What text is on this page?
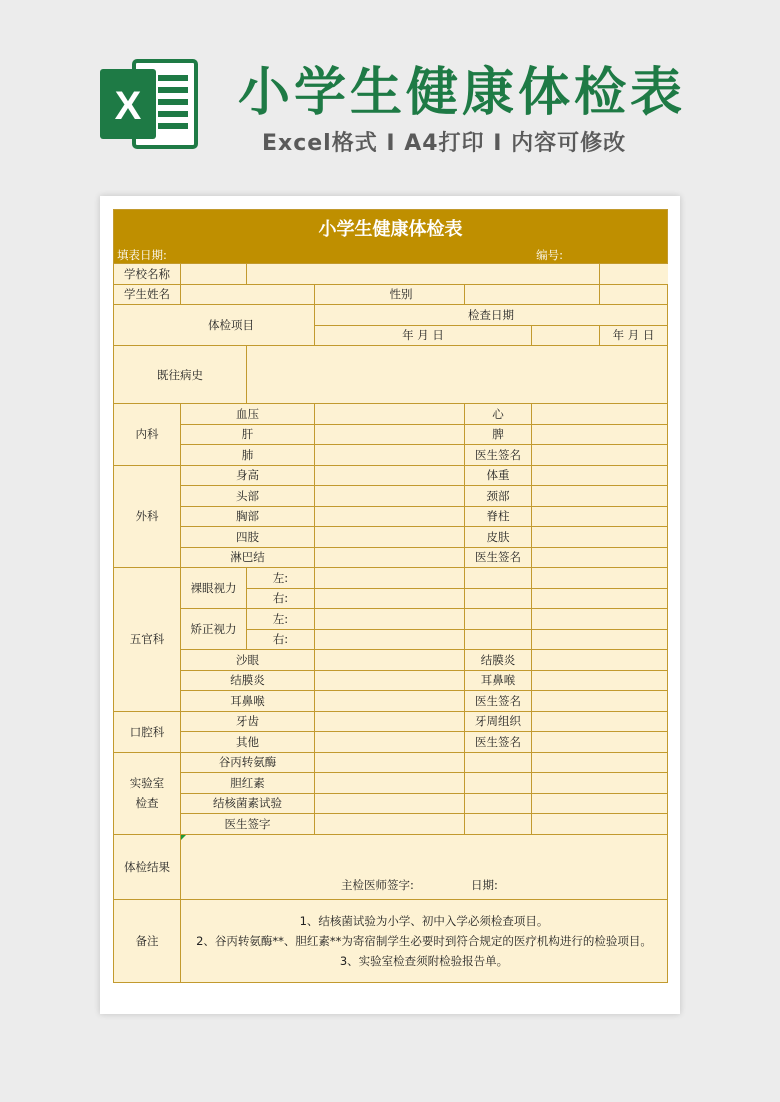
X 小学生健康体检表
Excel格式 I A4打印 I 内容可修改
小学生健康体检表						

填表日期: 编号:						

学校名称					
学生姓名			性别			
体检项目			检查日期			
			年 月 日			年 月 日
既往病史						
内科	血压			心		
	肝			脾		
	肺			医生签名		
外科	身高			体重		
	头部			颈部		
	胸部			脊柱		
	四肢			皮肤		
	淋巴结			医生签名		
五官科	裸眼视力	左:				
		右:				
	矫正视力	左:				
		右:				
	沙眼			结膜炎		
	结膜炎			耳鼻喉		
	耳鼻喉			医生签名		
口腔科	牙齿			牙周组织		
	其他			医生签名		
实验室
检查	谷丙转氨酶					
	胆红素					
	结核菌素试验					
	医生签字					
体检结果	主检医师签字: 日期:					

备注	1、结核菌试验为小学、初中入学必须检查项目。
2、谷丙转氨酶**、胆红素**为寄宿制学生必要时到符合规定的医疗机构进行的检验项目。
3、实验室检查须附检验报告单。					
